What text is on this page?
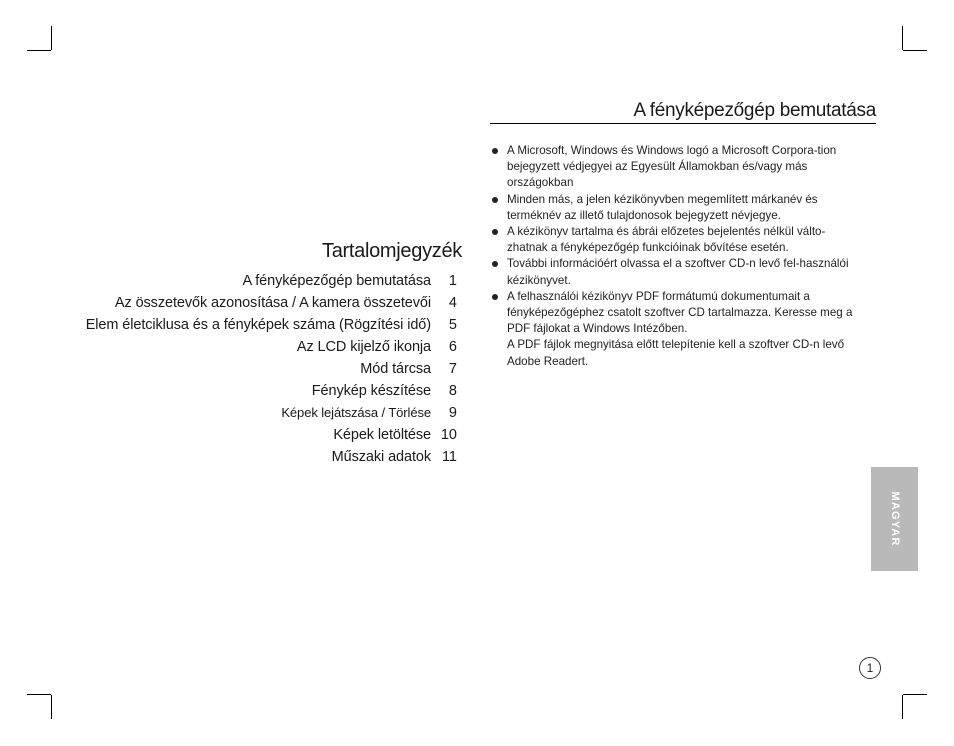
Tartalomjegyzék
A fényképezőgép bemutatása	1
Az összetevők azonosítása / A kamera összetevői	4
Elem életciklusa és a fényképek száma (Rögzítési idő)	5
Az LCD kijelző ikonja	6
Mód tárcsa	7
Fénykép készítése	8
Képek lejátszása / Törlése	9
Képek letöltése 10
Műszaki adatok 11
A fényképezőgép bemutatása
A Microsoft, Windows és Windows logó a Microsoft Corpora-tion bejegyzett védjegyei az Egyesült Államokban és/vagy más országokban
Minden más, a jelen kézikönyvben megemlített márkanév és terméknév az illető tulajdonosok bejegyzett névjegye.
A kézikönyv tartalma és ábrái előzetes bejelentés nélkül válto-zhatnak a fényképezőgép funkcióinak bővítése esetén.
További információért olvassa el a szoftver CD-n levő fel-használói kézikönyvet.
A felhasználói kézikönyv PDF formátumú dokumentumait a fényképezőgéphez csatolt szoftver CD tartalmazza. Keresse meg a PDF fájlokat a Windows Intézőben.
A PDF fájlok megnyitása előtt telepítenie kell a szoftver CD-n levő Adobe Readert.
MAGYAR
1
